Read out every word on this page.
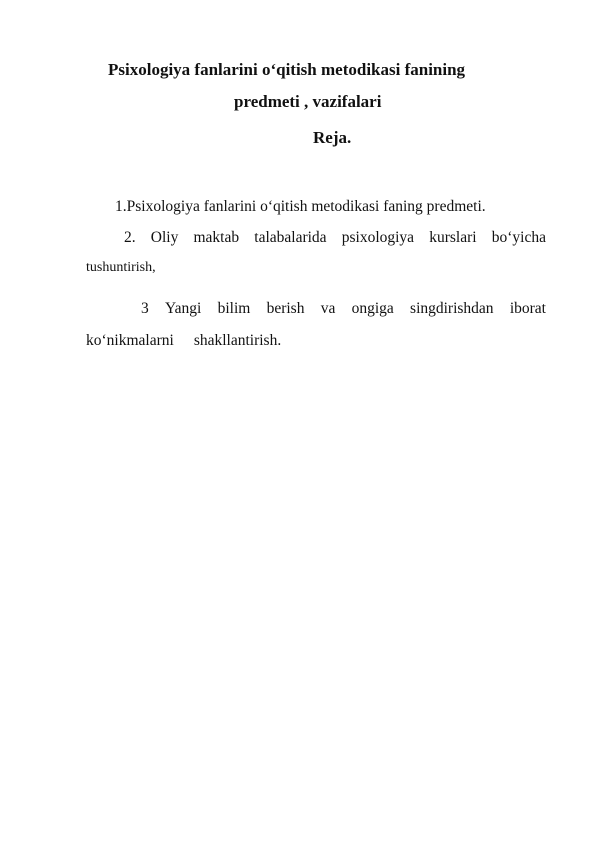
Psixologiya fanlarini o‘qitish metodikasi fanining
predmeti , vazifalari
Reja.
1.Psixologiya fanlarini o‘qitish metodikasi faning predmeti.
2. Oliy maktab talabalarida psixologiya kurslari bo‘yicha
tushuntirish,
3 Yangi bilim berish va ongiga singdirishdan iborat
ko‘nikmalarni shakllantirish.
